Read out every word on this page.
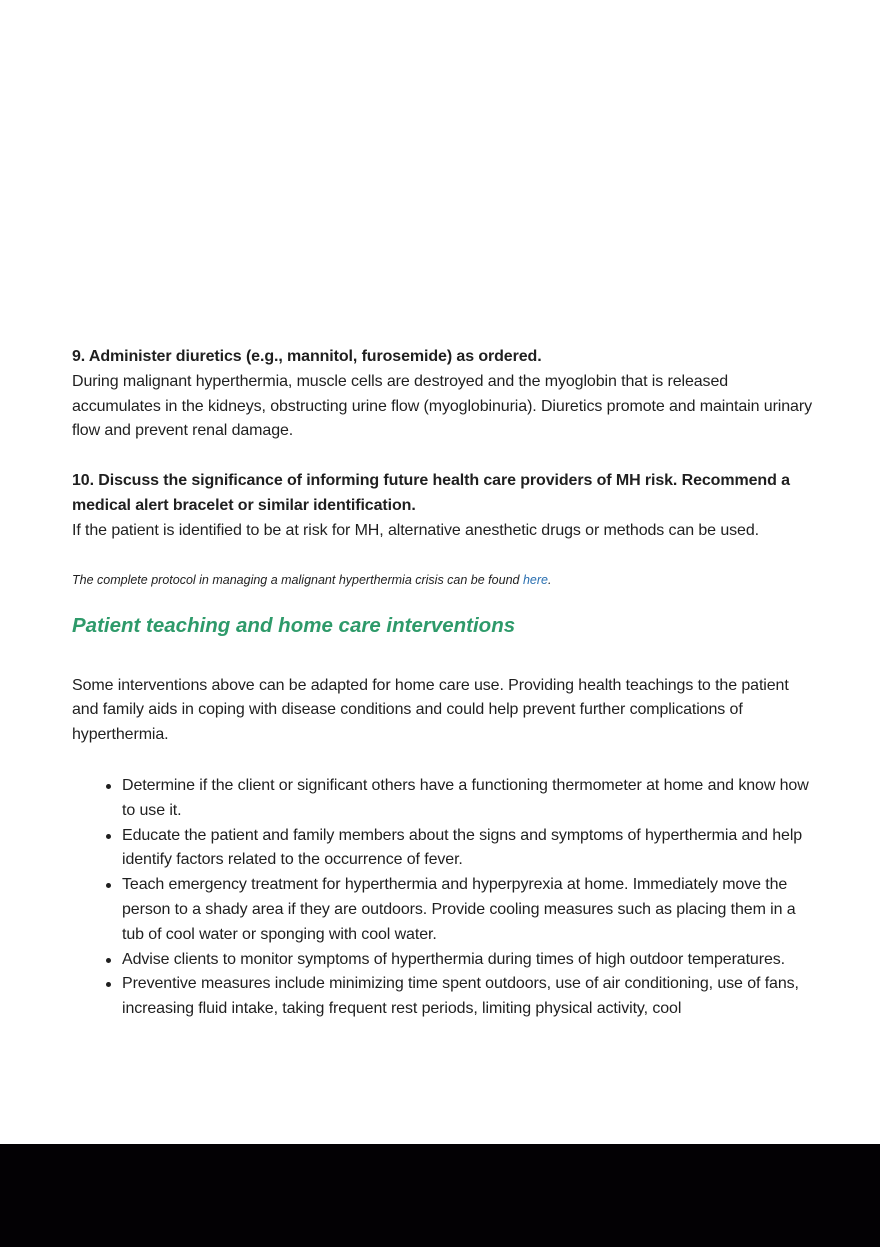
9. Administer diuretics (e.g., mannitol, furosemide) as ordered.

During malignant hyperthermia, muscle cells are destroyed and the myoglobin that is released accumulates in the kidneys, obstructing urine flow (myoglobinuria). Diuretics promote and maintain urinary flow and prevent renal damage.

10. Discuss the significance of informing future health care providers of MH risk. Recommend a medical alert bracelet or similar identification.

If the patient is identified to be at risk for MH, alternative anesthetic drugs or methods can be used.

The complete protocol in managing a malignant hyperthermia crisis can be found here.

Patient teaching and home care interventions

Some interventions above can be adapted for home care use. Providing health teachings to the patient and family aids in coping with disease conditions and could help prevent further complications of hyperthermia.

Determine if the client or significant others have a functioning thermometer at home and know how to use it.
Educate the patient and family members about the signs and symptoms of hyperthermia and help identify factors related to the occurrence of fever.
Teach emergency treatment for hyperthermia and hyperpyrexia at home. Immediately move the person to a shady area if they are outdoors. Provide cooling measures such as placing them in a tub of cool water or sponging with cool water.
Advise clients to monitor symptoms of hyperthermia during times of high outdoor temperatures.
Preventive measures include minimizing time spent outdoors, use of air conditioning, use of fans, increasing fluid intake, taking frequent rest periods, limiting physical activity, cool
